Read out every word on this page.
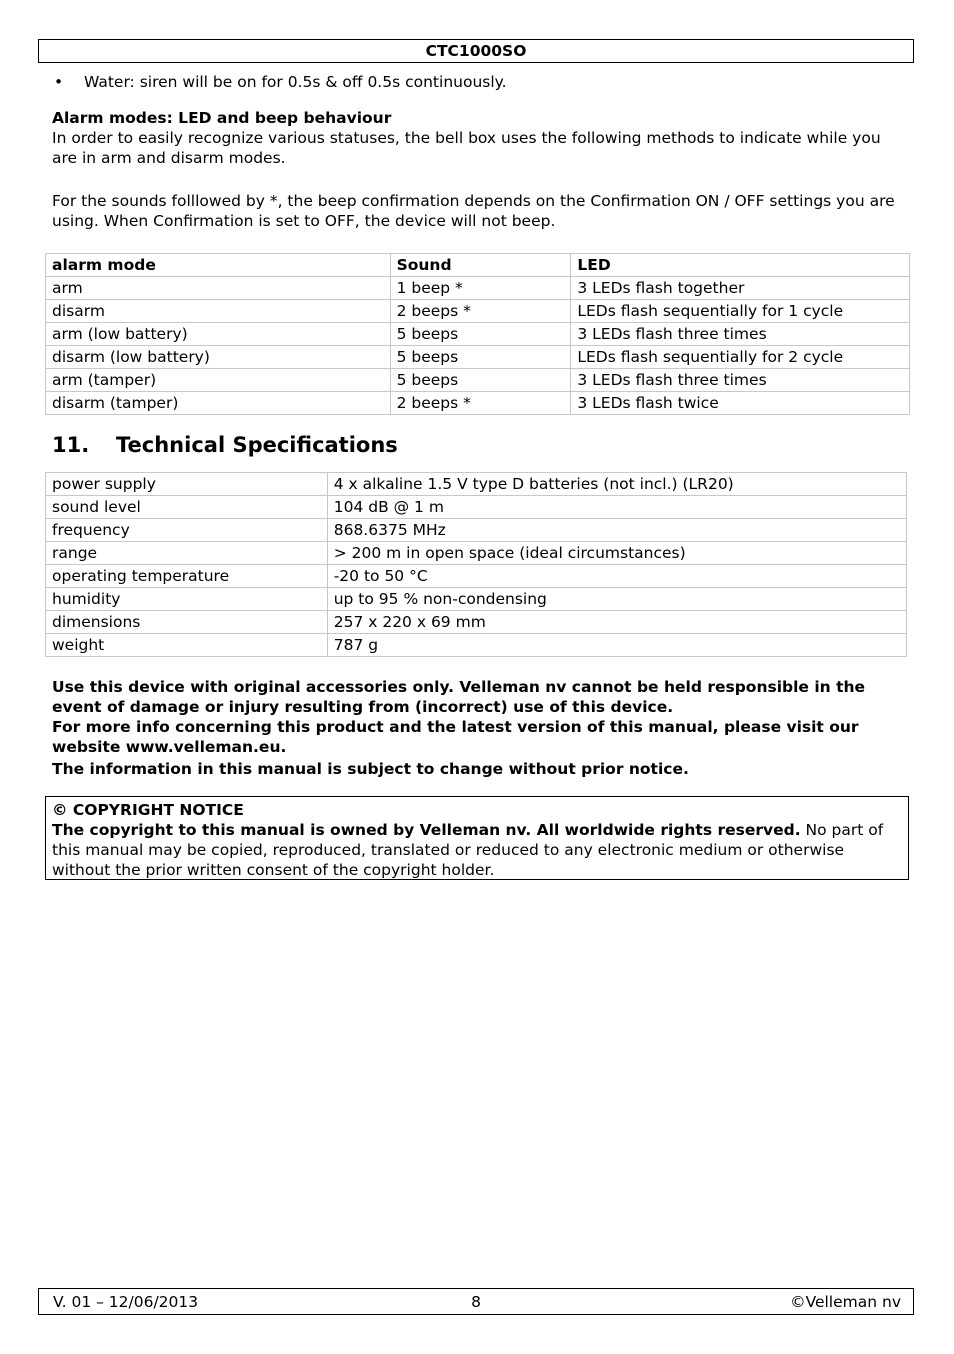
CTC1000SO
• Water: siren will be on for 0.5s & off 0.5s continuously.
Alarm modes: LED and beep behaviour

In order to easily recognize various statuses, the bell box uses the following methods to indicate while you are in arm and disarm modes.

For the sounds folllowed by *, the beep confirmation depends on the Confirmation ON / OFF settings you are using. When Confirmation is set to OFF, the device will not beep.

alarm mode	Sound	LED
arm	1 beep *	3 LEDs flash together
disarm	2 beeps *	LEDs flash sequentially for 1 cycle
arm (low battery)	5 beeps	3 LEDs flash three times
disarm (low battery)	5 beeps	LEDs flash sequentially for 2 cycle
arm (tamper)	5 beeps	3 LEDs flash three times
disarm (tamper)	2 beeps *	3 LEDs flash twice
11. Technical Specifications
power supply	4 x alkaline 1.5 V type D batteries (not incl.) (LR20)
sound level	104 dB @ 1 m
frequency	868.6375 MHz
range	> 200 m in open space (ideal circumstances)
operating temperature	-20 to 50 °C
humidity	up to 95 % non-condensing
dimensions	257 x 220 x 69 mm
weight	787 g

Use this device with original accessories only. Velleman nv cannot be held responsible in the event of damage or injury resulting from (incorrect) use of this device.

For more info concerning this product and the latest version of this manual, please visit our website www.velleman.eu.

The information in this manual is subject to change without prior notice.

© COPYRIGHT NOTICE

The copyright to this manual is owned by Velleman nv. All worldwide rights reserved. No part of this manual may be copied, reproduced, translated or reduced to any electronic medium or otherwise without the prior written consent of the copyright holder.

8
V. 01 – 12/06/2013	©Velleman nv
